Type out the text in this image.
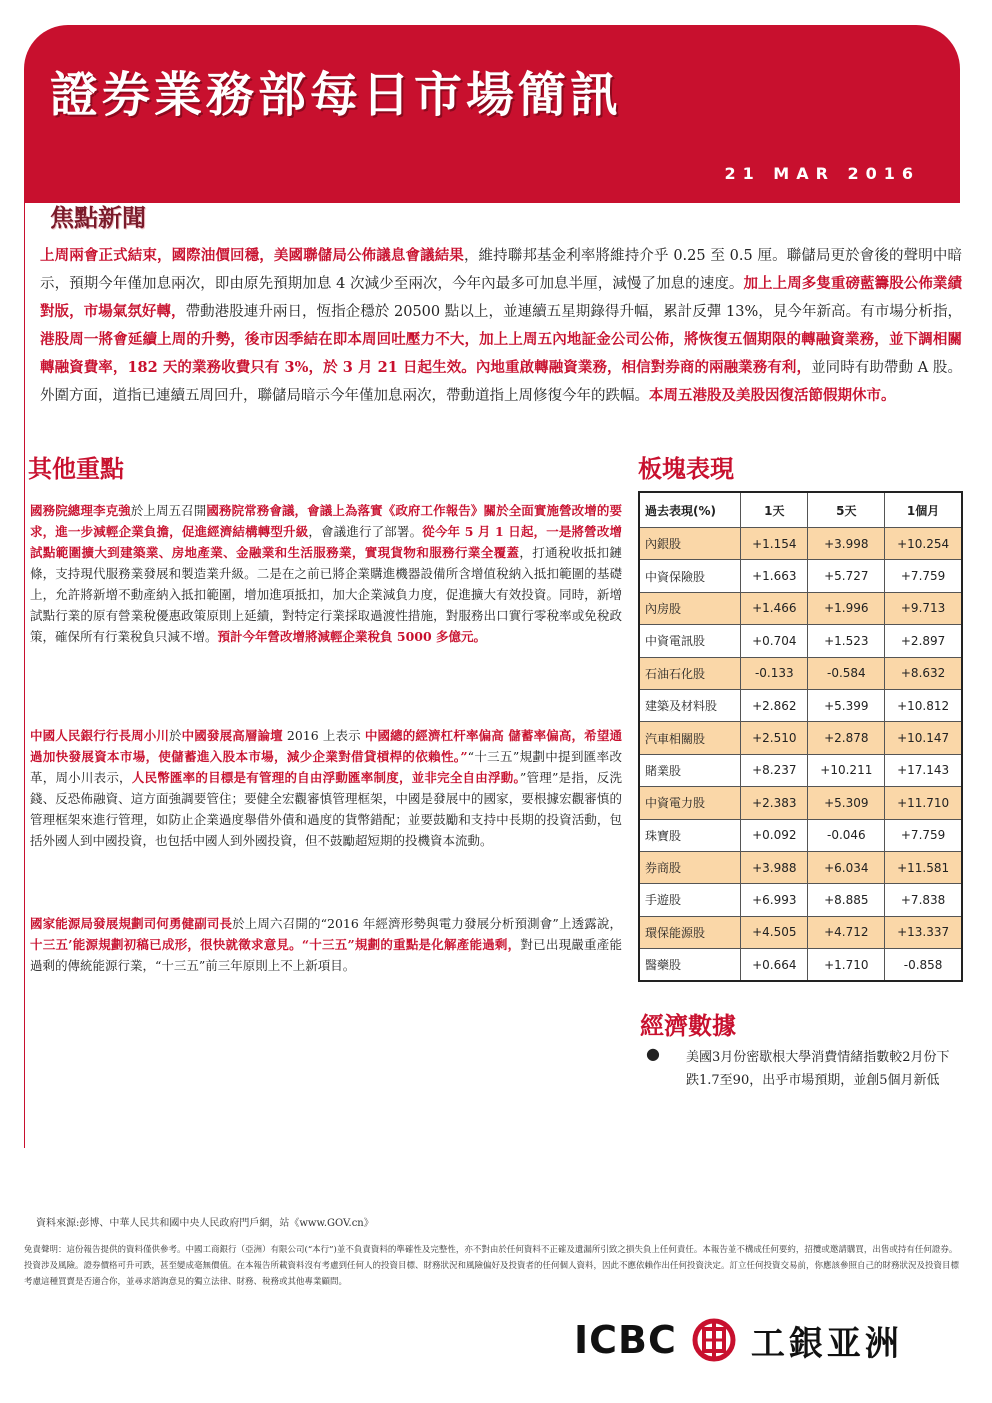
證券業務部每日市場簡訊
21 MAR 2016
焦點新聞
上周兩會正式結束，國際油價回穩，美國聯儲局公佈議息會議結果，維持聯邦基金利率將維持介乎 0.25 至 0.5 厘。聯儲局更於會後的聲明中暗示，預期今年僅加息兩次，即由原先預期加息 4 次減少至兩次，今年內最多可加息半厘，減慢了加息的速度。加上上周多隻重磅藍籌股公佈業績對版，市場氣氛好轉，帶動港股連升兩日，恆指企穩於 20500 點以上，並連續五星期錄得升幅，累計反彈 13%，見今年新高。有市場分析指，港股周一將會延續上周的升勢，後市因季結在即本周回吐壓力不大，加上上周五內地証金公司公佈，將恢復五個期限的轉融資業務，並下調相關轉融資費率，182 天的業務收費只有 3%，於 3 月 21 日起生效。內地重啟轉融資業務，相信對券商的兩融業務有利，並同時有助帶動 A 股。外圍方面，道指已連續五周回升，聯儲局暗示今年僅加息兩次，帶動道指上周修復今年的跌幅。本周五港股及美股因復活節假期休市。
其他重點
國務院總理李克強於上周五召開國務院常務會議，會議上為落實《政府工作報告》關於全面實施營改增的要求，進一步減輕企業負擔，促進經濟結構轉型升級，會議進行了部署。從今年 5 月 1 日起，一是將營改增試點範圍擴大到建築業、房地產業、金融業和生活服務業，實現貨物和服務行業全覆蓋，打通稅收抵扣鏈條，支持現代服務業發展和製造業升級。二是在之前已將企業購進機器設備所含增值稅納入抵扣範圍的基礎上，允許將新增不動產納入抵扣範圍，增加進項抵扣，加大企業減負力度，促進擴大有效投資。同時，新增試點行業的原有營業稅優惠政策原則上延續，對特定行業採取過渡性措施，對服務出口實行零稅率或免稅政策，確保所有行業稅負只減不增。預計今年營改增將減輕企業稅負 5000 多億元。
中國人民銀行行長周小川於中國發展高層論壇 2016 上表示 中國總的經濟杠杆率偏高 儲蓄率偏高，希望通過加快發展資本市場，使儲蓄進入股本市場，減少企業對借貸槓桿的依賴性。”“十三五”規劃中提到匯率改革，周小川表示，人民幣匯率的目標是有管理的自由浮動匯率制度，並非完全自由浮動。”管理”是指，反洗錢、反恐佈融資、這方面強調要管住；要健全宏觀審慎管理框架，中國是發展中的國家，要根據宏觀審慎的管理框架來進行管理，如防止企業過度舉借外債和過度的貨幣錯配；並要鼓勵和支持中長期的投資活動，包括外國人到中國投資，也包括中國人到外國投資，但不鼓勵超短期的投機資本流動。
國家能源局發展規劃司何勇健副司長於上周六召開的“2016 年經濟形勢與電力發展分析預測會”上透露說，十三五’能源規劃初稿已成形，很快就徵求意見。“十三五”規劃的重點是化解產能過剩，對已出現嚴重產能過剩的傳統能源行業，“十三五”前三年原則上不上新項目。
板塊表現
過去表現(%)	1天	5天	1個月
內銀股	+1.154	+3.998	+10.254
中資保險股	+1.663	+5.727	+7.759
內房股	+1.466	+1.996	+9.713
中資電訊股	+0.704	+1.523	+2.897
石油石化股	-0.133	-0.584	+8.632
建築及材料股	+2.862	+5.399	+10.812
汽車相關股	+2.510	+2.878	+10.147
賭業股	+8.237	+10.211	+17.143
中資電力股	+2.383	+5.309	+11.710
珠寶股	+0.092	-0.046	+7.759
券商股	+3.988	+6.034	+11.581
手遊股	+6.993	+8.885	+7.838
環保能源股	+4.505	+4.712	+13.337
醫藥股	+0.664	+1.710	-0.858
經濟數據
● 美國3月份密歇根大學消費情緒指數較2月份下跌1.7至90，出乎市場預期，並創5個月新低
資料來源:彭博、中華人民共和國中央人民政府門戶網，站《www.GOV.cn》
免責聲明：這份報告提供的資料僅供參考。中國工商銀行（亞洲）有限公司(“本行”)並不負責資料的準確性及完整性，亦不對由於任何資料不正確及遺漏所引致之損失負上任何責任。本報告並不構成任何要約，招攬或邀請購買，出售或持有任何證券。投資涉及風險。證券價格可升可跌，甚至變成毫無價值。在本報告所載資料沒有考慮到任何人的投資目標、財務狀況和風險偏好及投資者的任何個人資料，因此不應依賴作出任何投資決定。訂立任何投資交易前，你應該參照自己的財務狀況及投資目標考慮這種買賣是否適合你，並尋求諮詢意見的獨立法律、財務、稅務或其他專業顧問。
ICBC 工銀亚洲
